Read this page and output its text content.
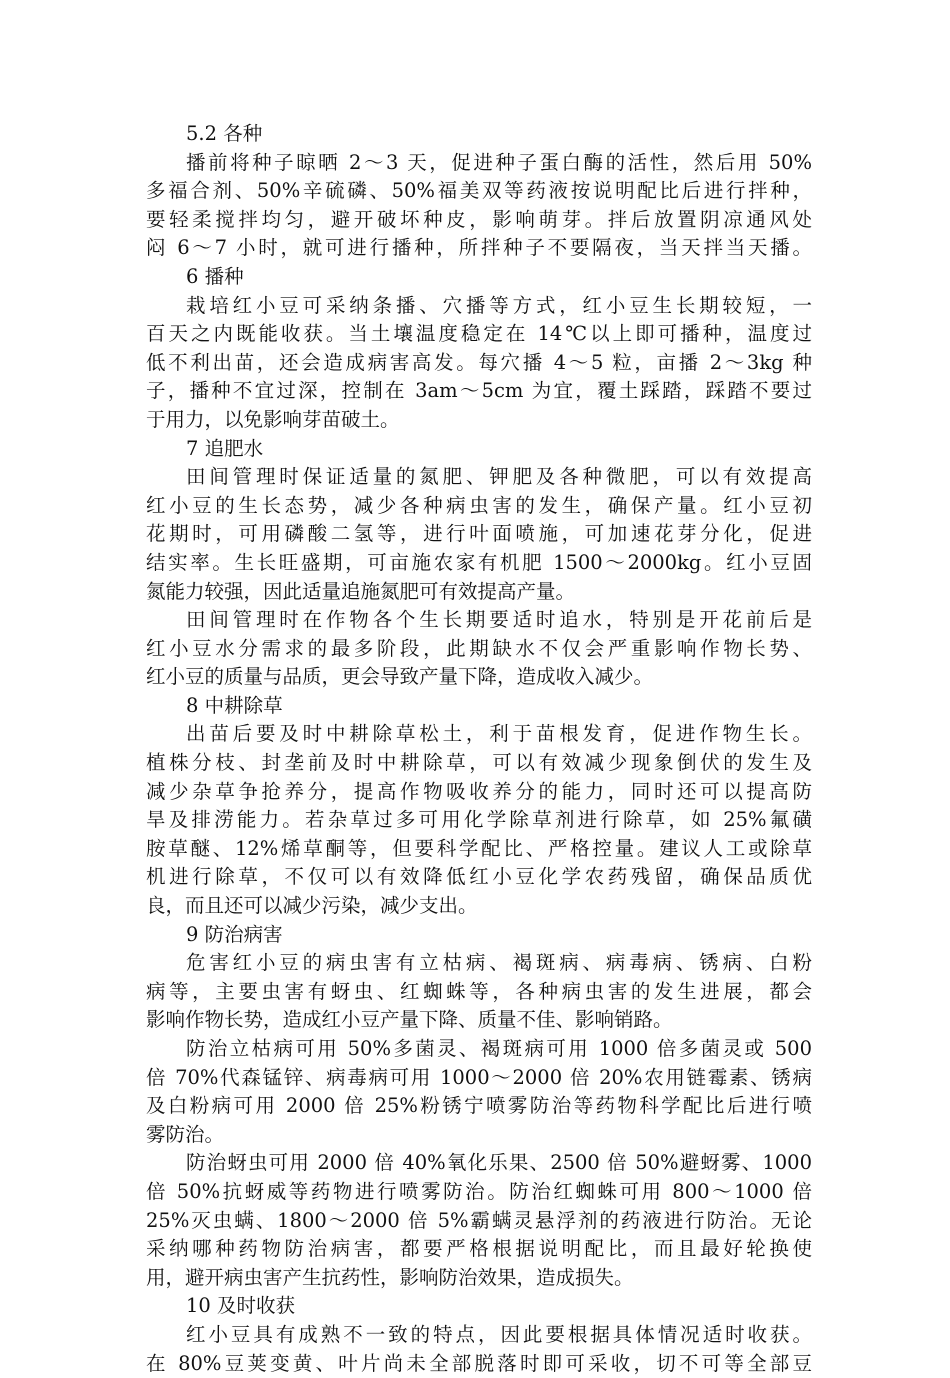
5.2 各种
播前将种子晾晒 2～3 天，促进种子蛋白酶的活性，然后用 50%
多福合剂、50%辛硫磷、50%福美双等药液按说明配比后进行拌种，
要轻柔搅拌均匀，避开破坏种皮，影响萌芽。拌后放置阴凉通风处
闷 6～7 小时，就可进行播种，所拌种子不要隔夜，当天拌当天播。
6 播种
栽培红小豆可采纳条播、穴播等方式，红小豆生长期较短，一
百天之内既能收获。当土壤温度稳定在 14℃以上即可播种，温度过
低不利出苗，还会造成病害高发。每穴播 4～5 粒，亩播 2～3kg 种
子，播种不宜过深，控制在 3am～5cm 为宜，覆土踩踏，踩踏不要过
于用力，以免影响芽苗破土。
7 追肥水
田间管理时保证适量的氮肥、钾肥及各种微肥，可以有效提高
红小豆的生长态势，减少各种病虫害的发生，确保产量。红小豆初
花期时，可用磷酸二氢等，进行叶面喷施，可加速花芽分化，促进
结实率。生长旺盛期，可亩施农家有机肥 1500～2000kg。红小豆固
氮能力较强，因此适量追施氮肥可有效提高产量。
田间管理时在作物各个生长期要适时追水，特别是开花前后是
红小豆水分需求的最多阶段，此期缺水不仅会严重影响作物长势、
红小豆的质量与品质，更会导致产量下降，造成收入减少。
8 中耕除草
出苗后要及时中耕除草松土，利于苗根发育，促进作物生长。
植株分枝、封垄前及时中耕除草，可以有效减少现象倒伏的发生及
减少杂草争抢养分，提高作物吸收养分的能力，同时还可以提高防
旱及排涝能力。若杂草过多可用化学除草剂进行除草，如 25%氟磺
胺草醚、12%烯草酮等，但要科学配比、严格控量。建议人工或除草
机进行除草，不仅可以有效降低红小豆化学农药残留，确保品质优
良，而且还可以减少污染，减少支出。
9 防治病害
危害红小豆的病虫害有立枯病、褐斑病、病毒病、锈病、白粉
病等，主要虫害有蚜虫、红蜘蛛等，各种病虫害的发生进展，都会
影响作物长势，造成红小豆产量下降、质量不佳、影响销路。
防治立枯病可用 50%多菌灵、褐斑病可用 1000 倍多菌灵或 500
倍 70%代森锰锌、病毒病可用 1000～2000 倍 20%农用链霉素、锈病
及白粉病可用 2000 倍 25%粉锈宁喷雾防治等药物科学配比后进行喷
雾防治。
防治蚜虫可用 2000 倍 40%氧化乐果、2500 倍 50%避蚜雾、1000
倍 50%抗蚜威等药物进行喷雾防治。防治红蜘蛛可用 800～1000 倍
25%灭虫螨、1800～2000 倍 5%霸螨灵悬浮剂的药液进行防治。无论
采纳哪种药物防治病害，都要严格根据说明配比，而且最好轮换使
用，避开病虫害产生抗药性，影响防治效果，造成损失。
10 及时收获
红小豆具有成熟不一致的特点，因此要根据具体情况适时收获。
在 80%豆荚变黄、叶片尚未全部脱落时即可采收，切不可等全部豆
